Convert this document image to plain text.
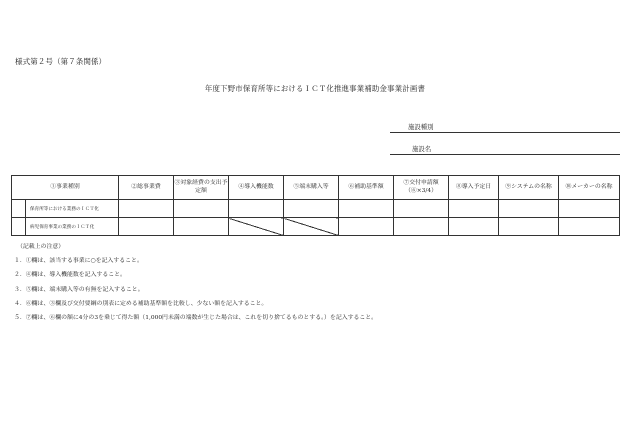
様式第２号（第７条関係）
年度下野市保育所等におけるＩＣＴ化推進事業補助金事業計画書
施設種別
施設名
①事業種別		②総事業費	③対象経費の支出予定額	④導入機能数	⑤端末購入等	⑥補助基準額	⑦交付申請額（⑥×3/4）	⑧導入予定日	⑨システムの名称	⑩メーカーの名称
	保育所等における業務のＩＣＴ化									
	病児保育事業の業務のＩＣＴ化									
（記載上の注意）
１．①欄は、該当する事業に○を記入すること。
２．④欄は、導入機能数を記入すること。
３．⑤欄は、端末購入等の有無を記入すること。
４．⑥欄は、③欄及び交付要綱の別表に定める補助基準額を比較し、少ない額を記入すること。
５．⑦欄は、⑥欄の額に4分の3を乗じて得た額（1,000円未満の端数が生じた場合は、これを切り捨てるものとする。）を記入すること。
